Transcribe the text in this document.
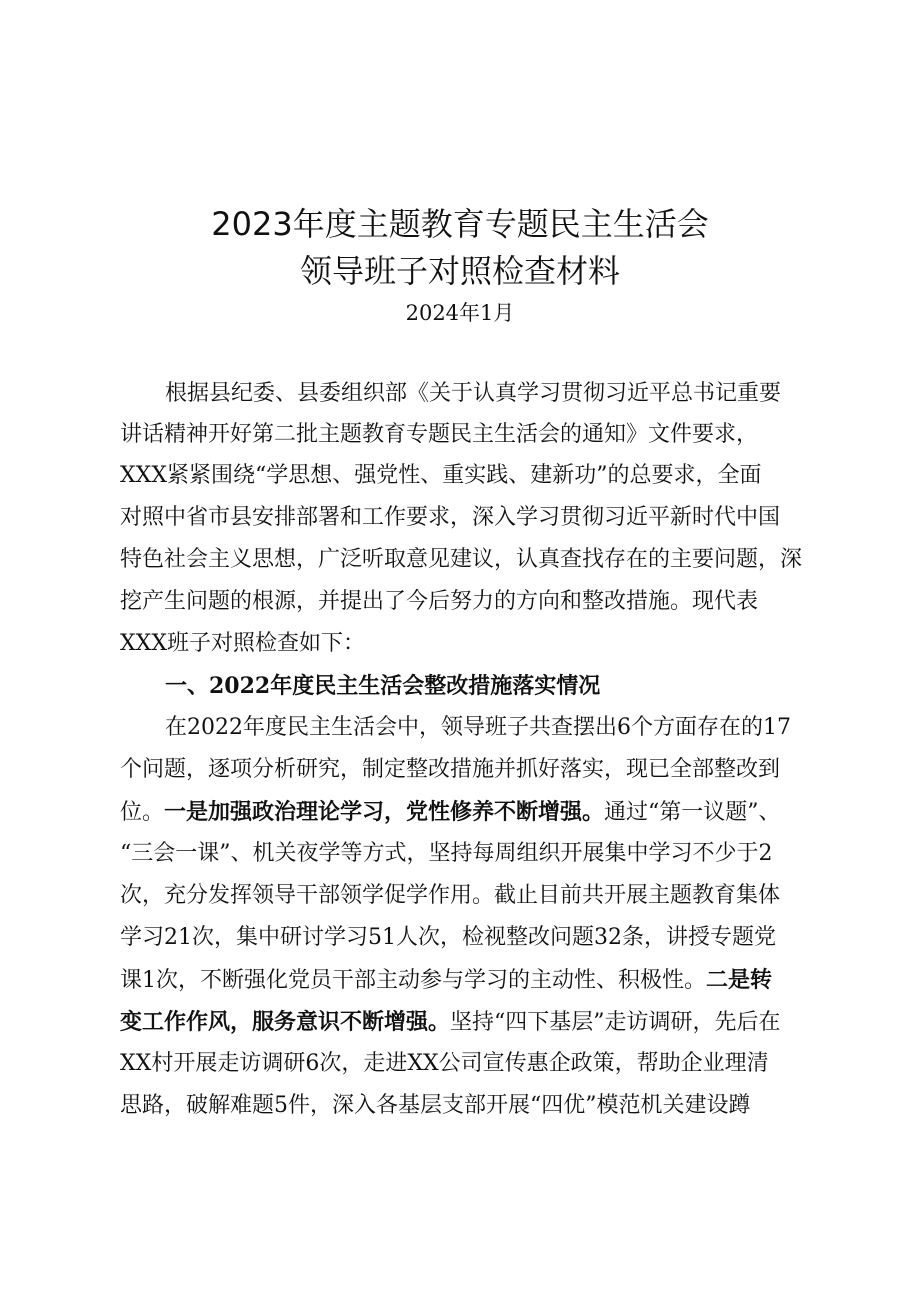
2023年度主题教育专题民主生活会
领导班子对照检查材料
2024年1月
根据县纪委、县委组织部《关于认真学习贯彻习近平总书记重要
讲话精神开好第二批主题教育专题民主生活会的通知》文件要求，
XXX紧紧围绕“学思想、强党性、重实践、建新功”的总要求，全面
对照中省市县安排部署和工作要求，深入学习贯彻习近平新时代中国
特色社会主义思想，广泛听取意见建议，认真查找存在的主要问题，深
挖产生问题的根源，并提出了今后努力的方向和整改措施。现代表
XXX班子对照检查如下：
一、2022年度民主生活会整改措施落实情况
在2022年度民主生活会中，领导班子共查摆出6个方面存在的17
个问题，逐项分析研究，制定整改措施并抓好落实，现已全部整改到
位。一是加强政治理论学习，党性修养不断增强。通过“第一议题”、
“三会一课”、机关夜学等方式，坚持每周组织开展集中学习不少于2
次，充分发挥领导干部领学促学作用。截止目前共开展主题教育集体
学习21次，集中研讨学习51人次，检视整改问题32条，讲授专题党
课1次，不断强化党员干部主动参与学习的主动性、积极性。二是转
变工作作风，服务意识不断增强。坚持“四下基层”走访调研，先后在
XX村开展走访调研6次，走进XX公司宣传惠企政策，帮助企业理清
思路，破解难题5件，深入各基层支部开展“四优”模范机关建设蹲
